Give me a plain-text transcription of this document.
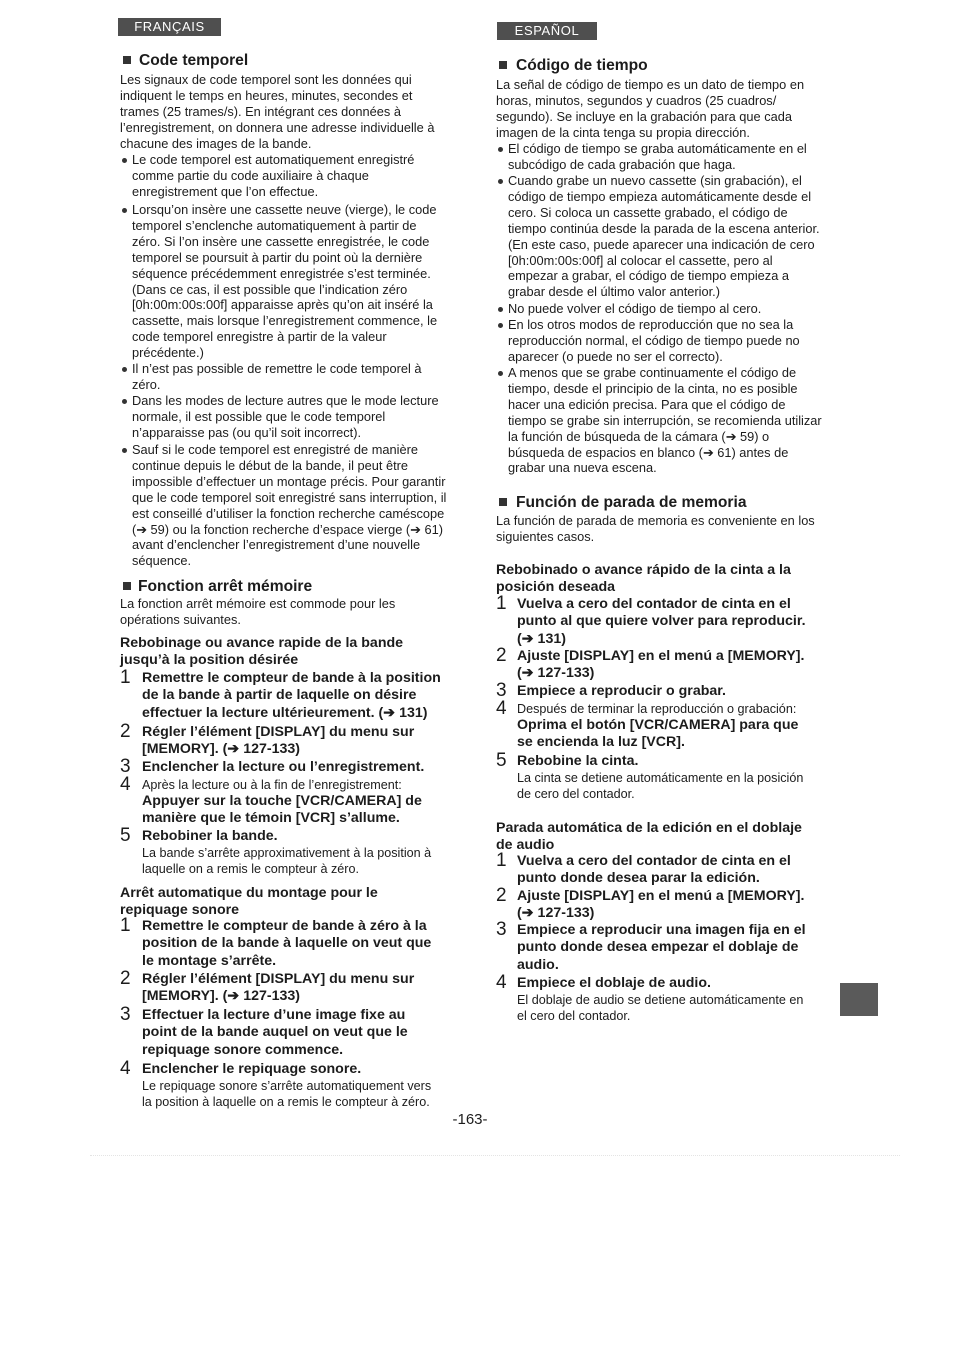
FRANÇAIS
Code temporel
Les signaux de code temporel sont les données qui
indiquent le temps en heures, minutes, secondes et
trames (25 trames/s). En intégrant ces données à
l’enregistrement, on donnera une adresse individuelle à
chacune des images de la bande.
Le code temporel est automatiquement enregistré
comme partie du code auxiliaire à chaque
enregistrement que l’on effectue.
Lorsqu’on insère une cassette neuve (vierge), le code
temporel s’enclenche automatiquement à partir de
zéro. Si l’on insère une cassette enregistrée, le code
temporel se poursuit à partir du point où la dernière
séquence précédemment enregistrée s’est terminée.
(Dans ce cas, il est possible que l’indication zéro
[0h:00m:00s:00f] apparaisse après qu’on ait inséré la
cassette, mais lorsque l’enregistrement commence, le
code temporel enregistre à partir de la valeur
précédente.)
Il n’est pas possible de remettre le code temporel à
zéro.
Dans les modes de lecture autres que le mode lecture
normale, il est possible que le code temporel
n’apparaisse pas (ou qu’il soit incorrect).
Sauf si le code temporel est enregistré de manière
continue depuis le début de la bande, il peut être
impossible d’effectuer un montage précis. Pour garantir
que le code temporel soit enregistré sans interruption, il
est conseillé d’utiliser la fonction recherche caméscope
(➔ 59) ou la fonction recherche d’espace vierge (➔ 61)
avant d’enclencher l’enregistrement d’une nouvelle
séquence.
Fonction arrêt mémoire
La fonction arrêt mémoire est commode pour les
opérations suivantes.
Rebobinage ou avance rapide de la bande
jusqu’à la position désirée
1 Remettre le compteur de bande à la position
de la bande à partir de laquelle on désire
effectuer la lecture ultérieurement. (➔ 131)
2 Régler l’élément [DISPLAY] du menu sur
[MEMORY]. (➔ 127-133)
3 Enclencher la lecture ou l’enregistrement.
4 Après la lecture ou à la fin de l’enregistrement:
Appuyer sur la touche [VCR/CAMERA] de
manière que le témoin [VCR] s’allume.
5 Rebobiner la bande.
La bande s’arrête approximativement à la position à
laquelle on a remis le compteur à zéro.
Arrêt automatique du montage pour le
repiquage sonore
1 Remettre le compteur de bande à zéro à la
position de la bande à laquelle on veut que
le montage s’arrête.
2 Régler l’élément [DISPLAY] du menu sur
[MEMORY]. (➔ 127-133)
3 Effectuer la lecture d’une image fixe au
point de la bande auquel on veut que le
repiquage sonore commence.
4 Enclencher le repiquage sonore.
Le repiquage sonore s’arrête automatiquement vers
la position à laquelle on a remis le compteur à zéro.
ESPAÑOL
Código de tiempo
La señal de código de tiempo es un dato de tiempo en
horas, minutos, segundos y cuadros (25 cuadros/
segundo). Se incluye en la grabación para que cada
imagen de la cinta tenga su propia dirección.
El código de tiempo se graba automáticamente en el
subcódigo de cada grabación que haga.
Cuando grabe un nuevo cassette (sin grabación), el
código de tiempo empieza automáticamente desde el
cero. Si coloca un cassette grabado, el código de
tiempo continúa desde la parada de la escena anterior.
(En este caso, puede aparecer una indicación de cero
[0h:00m:00s:00f] al colocar el cassette, pero al
empezar a grabar, el código de tiempo empieza a
grabar desde el último valor anterior.)
No puede volver el código de tiempo al cero.
En los otros modos de reproducción que no sea la
reproducción normal, el código de tiempo puede no
aparecer (o puede no ser el correcto).
A menos que se grabe continuamente el código de
tiempo, desde el principio de la cinta, no es posible
hacer una edición precisa. Para que el código de
tiempo se grabe sin interrupción, se recomienda utilizar
la función de búsqueda de la cámara (➔ 59) o
búsqueda de espacios en blanco (➔ 61) antes de
grabar una nueva escena.
Función de parada de memoria
La función de parada de memoria es conveniente en los
siguientes casos.
Rebobinado o avance rápido de la cinta a la
posición deseada
1 Vuelva a cero del contador de cinta en el
punto al que quiere volver para reproducir.
(➔ 131)
2 Ajuste [DISPLAY] en el menú a [MEMORY].
(➔ 127-133)
3 Empiece a reproducir o grabar.
4 Después de terminar la reproducción o grabación:
Oprima el botón [VCR/CAMERA] para que
se encienda la luz [VCR].
5 Rebobine la cinta.
La cinta se detiene automáticamente en la posición
de cero del contador.
Parada automática de la edición en el doblaje
de audio
1 Vuelva a cero del contador de cinta en el
punto donde desea parar la edición.
2 Ajuste [DISPLAY] en el menú a [MEMORY].
(➔ 127-133)
3 Empiece a reproducir una imagen fija en el
punto donde desea empezar el doblaje de
audio.
4 Empiece el doblaje de audio.
El doblaje de audio se detiene automáticamente en
el cero del contador.
-163-
